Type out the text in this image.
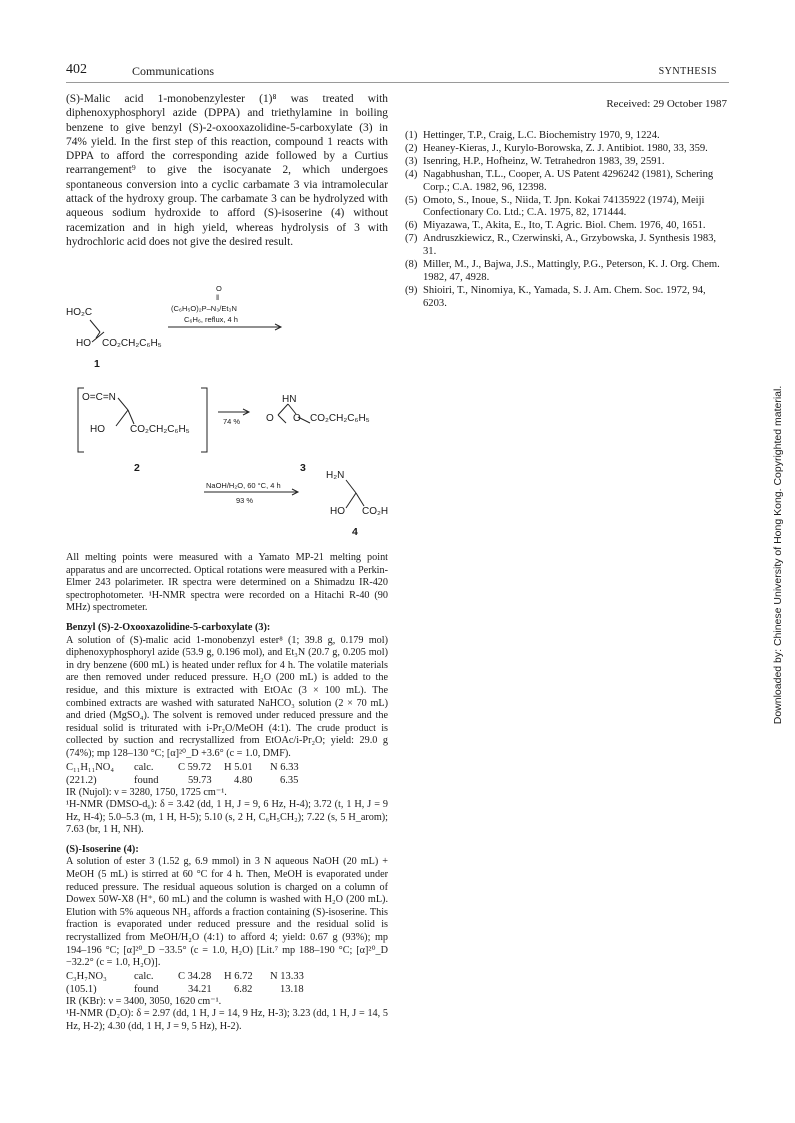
402	Communications	SYNTHESIS

(S)-Malic acid 1-monobenzylester (1)⁸ was treated with diphenoxyphosphoryl azide (DPPA) and triethylamine in boiling benzene to give benzyl (S)-2-oxooxazolidine-5-carboxylate (3) in 74% yield. In the first step of this reaction, compound 1 reacts with DPPA to afford the corresponding azide followed by a Curtius rearrangement⁹ to give the isocyanate 2, which undergoes spontaneous conversion into a cyclic carbamate 3 via intramolecular attack of the hydroxy group. The carbamate 3 can be hydrolyzed with aqueous sodium hydroxide to afford (S)-isoserine (4) without racemization and in high yield, whereas hydrolysis of 3 with hydrochloric acid does not give the desired result.

Received: 29 October 1987
(1) Hettinger, T.P., Craig, L.C. Biochemistry 1970, 9, 1224.
(2) Heaney-Kieras, J., Kurylo-Borowska, Z. J. Antibiot. 1980, 33, 359.
(3) Isenring, H.P., Hofheinz, W. Tetrahedron 1983, 39, 2591.
(4) Nagabhushan, T.L., Cooper, A. US Patent 4296242 (1981), Schering Corp.; C.A. 1982, 96, 12398.
(5) Omoto, S., Inoue, S., Niida, T. Jpn. Kokai 74135922 (1974), Meiji Confectionary Co. Ltd.; C.A. 1975, 82, 171444.
(6) Miyazawa, T., Akita, E., Ito, T. Agric. Biol. Chem. 1976, 40, 1651.
(7) Andruszkiewicz, R., Czerwinski, A., Grzybowska, J. Synthesis 1983, 31.
(8) Miller, M., J., Bajwa, J.S., Mattingly, P.G., Peterson, K. J. Org. Chem. 1982, 47, 4928.
(9) Shioiri, T., Ninomiya, K., Yamada, S. J. Am. Chem. Soc. 1972, 94, 6203.
HO₂C
HO CO₂CH₂C₆H₅
1
O
‖
(C₆H₅O)₂P–N₃/Et₃N
C₆H₆, reflux, 4 h
O=C=N
HO	CO₂CH₂C₆H₅
2
74 %
HN
O O CO₂CH₂C₆H₅
3
NaOH/H₂O, 60 °C, 4 h
93 %
H₂N
HO CO₂H
4

All melting points were measured with a Yamato MP-21 melting point apparatus and are uncorrected. Optical rotations were measured with a Perkin-Elmer 243 polarimeter. IR spectra were determined on a Shimadzu IR-420 spectrophotometer. ¹H-NMR spectra were recorded on a Hitachi R-40 (90 MHz) spectrometer.

Benzyl (S)-2-Oxooxazolidine-5-carboxylate (3):

A solution of (S)-malic acid 1-monobenzyl ester⁸ (1; 39.8 g, 0.179 mol) diphenoxyphosphoryl azide (53.9 g, 0.196 mol), and Et₃N (20.7 g, 0.205 mol) in dry benzene (600 mL) is heated under reflux for 4 h. The volatile materials are then removed under reduced pressure. H₂O (200 mL) is added to the residue, and this mixture is extracted with EtOAc (3 × 100 mL). The combined extracts are washed with saturated NaHCO₃ solution (2 × 70 mL) and dried (MgSO₄). The solvent is removed under reduced pressure and the residual solid is triturated with i-Pr₂O/MeOH (4:1). The crude product is collected by suction and recrystallized from EtOAc/i-Pr₂O; yield: 29.0 g (74%); mp 128–130 °C; [α]²⁰_D +3.6° (c = 1.0, DMF).

C₁₁H₁₁NO₄	calc.	C 59.72	H 5.01	N 6.33
(221.2)	found	59.73	4.80	6.35

IR (Nujol): ν = 3280, 1750, 1725 cm⁻¹.

¹H-NMR (DMSO-d₆): δ = 3.42 (dd, 1 H, J = 9, 6 Hz, H-4); 3.72 (t, 1 H, J = 9 Hz, H-4); 5.0–5.3 (m, 1 H, H-5); 5.10 (s, 2 H, C₆H₅CH₂); 7.22 (s, 5 H_arom); 7.63 (br, 1 H, NH).

(S)-Isoserine (4):

A solution of ester 3 (1.52 g, 6.9 mmol) in 3 N aqueous NaOH (20 mL) + MeOH (5 mL) is stirred at 60 °C for 4 h. Then, MeOH is evaporated under reduced pressure. The residual aqueous solution is charged on a column of Dowex 50W-X8 (H⁺, 60 mL) and the column is washed with H₂O (200 mL). Elution with 5% aqueous NH₃ affords a fraction containing (S)-isoserine. This fraction is evaporated under reduced pressure and the residual solid is recrystallized from MeOH/H₂O (4:1) to afford 4; yield: 0.67 g (93%); mp 194–196 °C; [α]²⁰_D −33.5° (c = 1.0, H₂O) [Lit.⁷ mp 188–190 °C; [α]²⁰_D −32.2° (c = 1.0, H₂O)].

C₃H₇NO₃	calc.	C 34.28	H 6.72	N 13.33
(105.1)	found	34.21	6.82	13.18

IR (KBr): ν = 3400, 3050, 1620 cm⁻¹.

¹H-NMR (D₂O): δ = 2.97 (dd, 1 H, J = 14, 9 Hz, H-3); 3.23 (dd, 1 H, J = 14, 5 Hz, H-2); 4.30 (dd, 1 H, J = 9, 5 Hz), H-2).

Downloaded by: Chinese University of Hong Kong. Copyrighted material.
